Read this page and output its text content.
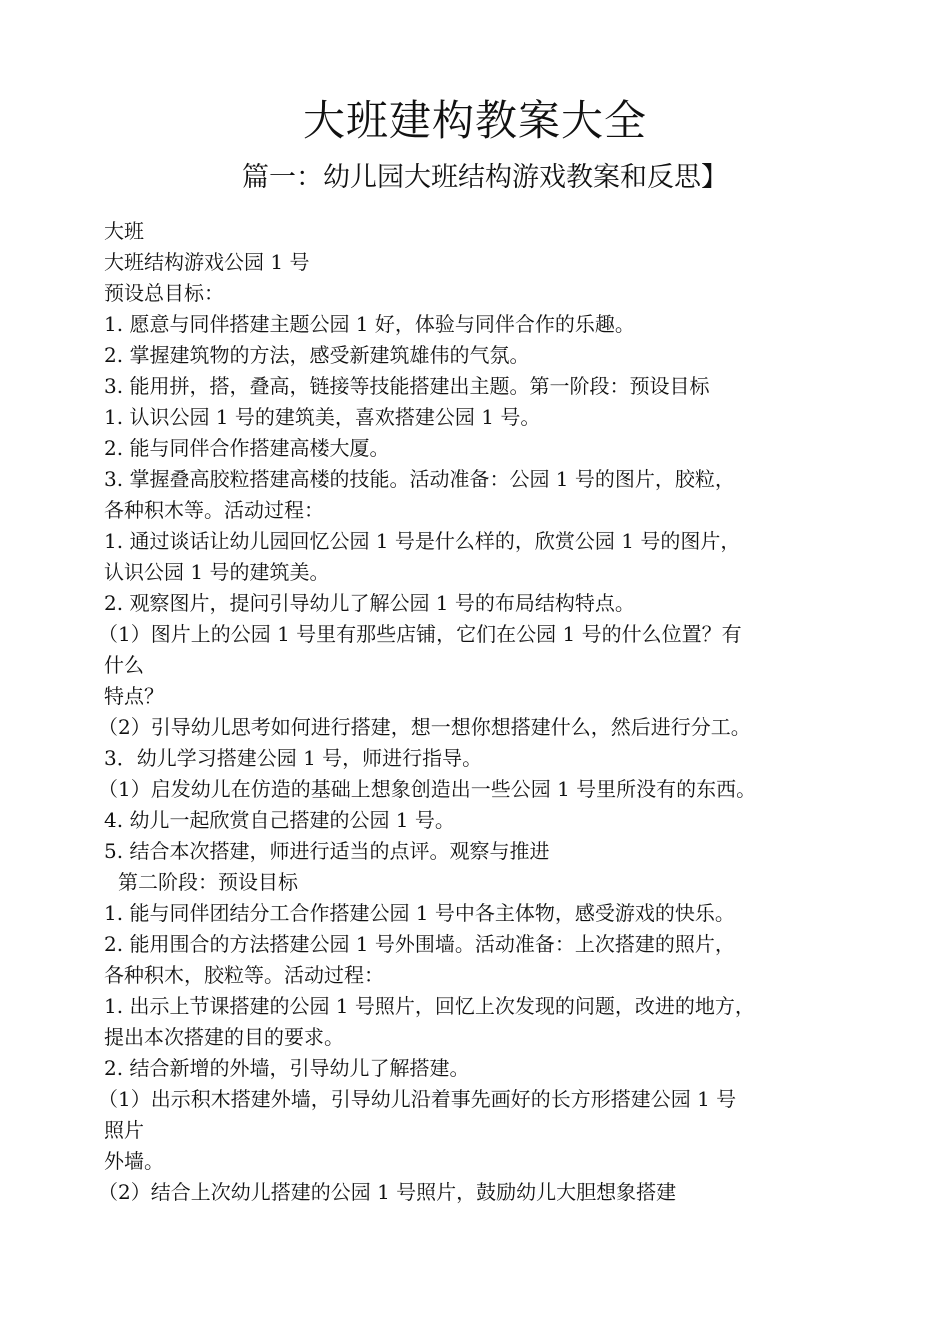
大班建构教案大全
篇一：幼儿园大班结构游戏教案和反思】
大班
大班结构游戏公园 1 号
预设总目标：
1. 愿意与同伴搭建主题公园 1 好，体验与同伴合作的乐趣。
2. 掌握建筑物的方法，感受新建筑雄伟的气氛。
3. 能用拼，搭，叠高，链接等技能搭建出主题。第一阶段：预设目标
1. 认识公园 1 号的建筑美，喜欢搭建公园 1 号。
2. 能与同伴合作搭建高楼大厦。
3. 掌握叠高胶粒搭建高楼的技能。活动准备：公园 1 号的图片，胶粒，
各种积木等。活动过程：
1. 通过谈话让幼儿园回忆公园 1 号是什么样的，欣赏公园 1 号的图片，
认识公园 1 号的建筑美。
2. 观察图片，提问引导幼儿了解公园 1 号的布局结构特点。
（1）图片上的公园 1 号里有那些店铺，它们在公园 1 号的什么位置？有
什么
特点？
（2）引导幼儿思考如何进行搭建，想一想你想搭建什么，然后进行分工。
3．幼儿学习搭建公园 1 号，师进行指导。
（1）启发幼儿在仿造的基础上想象创造出一些公园 1 号里所没有的东西。
4. 幼儿一起欣赏自己搭建的公园 1 号。
5. 结合本次搭建，师进行适当的点评。观察与推进
第二阶段：预设目标
1. 能与同伴团结分工合作搭建公园 1 号中各主体物，感受游戏的快乐。
2. 能用围合的方法搭建公园 1 号外围墙。活动准备：上次搭建的照片，
各种积木，胶粒等。活动过程：
1. 出示上节课搭建的公园 1 号照片，回忆上次发现的问题，改进的地方，
提出本次搭建的目的要求。
2. 结合新增的外墙，引导幼儿了解搭建。
（1）出示积木搭建外墙，引导幼儿沿着事先画好的长方形搭建公园 1 号
照片
外墙。
（2）结合上次幼儿搭建的公园 1 号照片，鼓励幼儿大胆想象搭建
